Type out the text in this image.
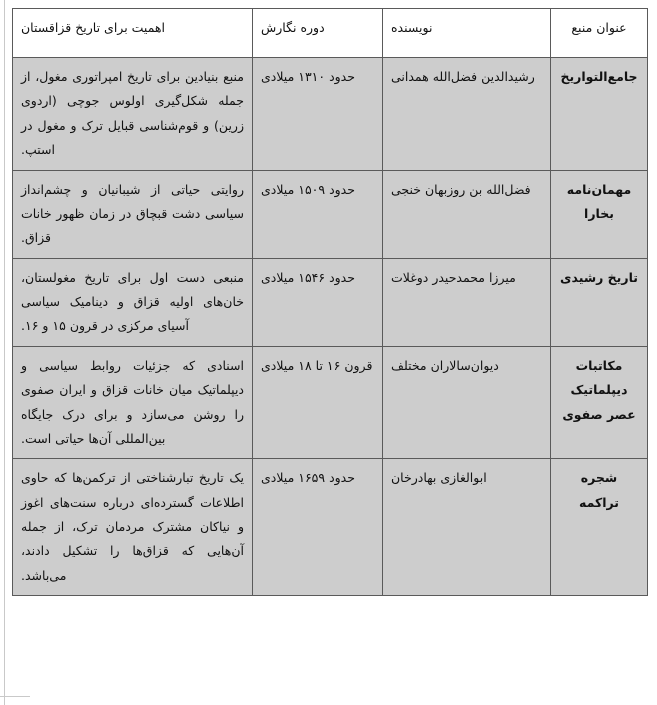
عنوان منبع	نویسنده	دوره نگارش	اهمیت برای تاریخ قزاقستان
جامع‌التواریخ	رشیدالدین فضل‌الله همدانی	حدود ۱۳۱۰ میلادی	منبع بنیادین برای تاریخ امپراتوری مغول، از جمله شکل‌گیری اولوس جوچی (اردوی زرین) و قوم‌شناسی قبایل ترک و مغول در استپ.
مهمان‌نامه بخارا	فضل‌الله بن روزبهان خنجی	حدود ۱۵۰۹ میلادی	روایتی حیاتی از شیبانیان و چشم‌انداز سیاسی دشت قبچاق در زمان ظهور خانات قزاق.
تاریخ رشیدی	میرزا محمدحیدر دوغلات	حدود ۱۵۴۶ میلادی	منبعی دست اول برای تاریخ مغولستان، خان‌های اولیه قزاق و دینامیک سیاسی آسیای مرکزی در قرون ۱۵ و ۱۶.
مکاتبات دیپلماتیک عصر صفوی	دیوان‌سالاران مختلف	قرون ۱۶ تا ۱۸ میلادی	اسنادی که جزئیات روابط سیاسی و دیپلماتیک میان خانات قزاق و ایران صفوی را روشن می‌سازد و برای درک جایگاه بین‌المللی آن‌ها حیاتی است.
شجره تراکمه	ابوالغازی بهادرخان	حدود ۱۶۵۹ میلادی	یک تاریخ تبارشناختی از ترکمن‌ها که حاوی اطلاعات گسترده‌ای درباره سنت‌های اغوز و نیاکان مشترک مردمان ترک، از جمله آن‌هایی که قزاق‌ها را تشکیل دادند، می‌باشد.
